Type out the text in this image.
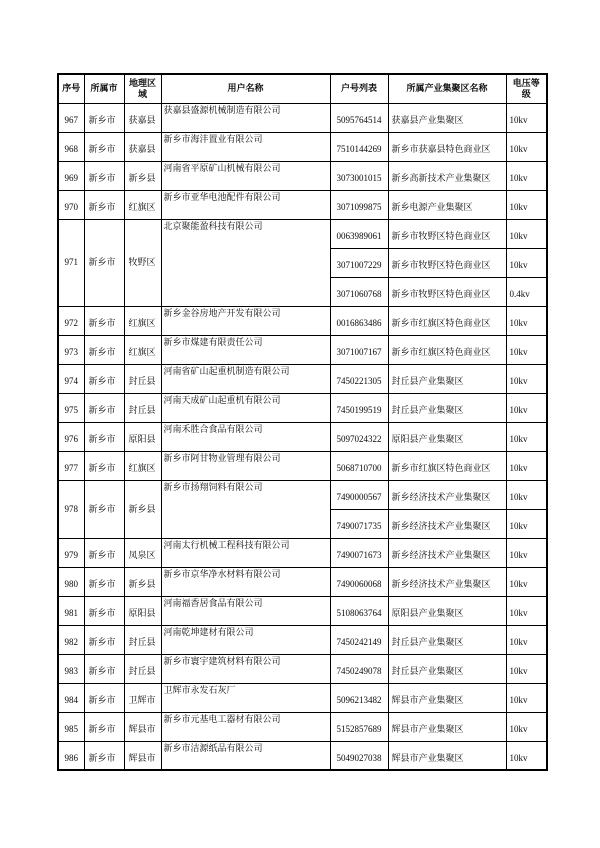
序号	所属市	地理区域	用户名称	户号列表	所属产业集聚区名称	电压等级
967	新乡市	获嘉县	获嘉县盛源机械制造有限公司	5095764514	获嘉县产业集聚区	10kv
968	新乡市	获嘉县	新乡市海沣置业有限公司	7510144269	新乡市获嘉县特色商业区	10kv
969	新乡市	新乡县	河南省平原矿山机械有限公司	3073001015	新乡高新技术产业集聚区	10kv
970	新乡市	红旗区	新乡市亚华电池配件有限公司	3071099875	新乡电源产业集聚区	10kv
971	新乡市	牧野区	北京聚能盈科技有限公司	0063989061	新乡市牧野区特色商业区	10kv
				3071007229	新乡市牧野区特色商业区	10kv
				3071060768	新乡市牧野区特色商业区	0.4kv
972	新乡市	红旗区	新乡金谷房地产开发有限公司	0016863486	新乡市红旗区特色商业区	10kv
973	新乡市	红旗区	新乡市煤建有限责任公司	3071007167	新乡市红旗区特色商业区	10kv
974	新乡市	封丘县	河南省矿山起重机制造有限公司	7450221305	封丘县产业集聚区	10kv
975	新乡市	封丘县	河南天成矿山起重机有限公司	7450199519	封丘县产业集聚区	10kv
976	新乡市	原阳县	河南禾胜合食品有限公司	5097024322	原阳县产业集聚区	10kv
977	新乡市	红旗区	新乡市阿甘物业管理有限公司	5068710700	新乡市红旗区特色商业区	10kv
978	新乡市	新乡县	新乡市扬翔饲料有限公司	7490000567	新乡经济技术产业集聚区	10kv
				7490071735	新乡经济技术产业集聚区	10kv
979	新乡市	凤泉区	河南太行机械工程科技有限公司	7490071673	新乡经济技术产业集聚区	10kv
980	新乡市	新乡县	新乡市京华净水材料有限公司	7490060068	新乡经济技术产业集聚区	10kv
981	新乡市	原阳县	河南福香居食品有限公司	5108063764	原阳县产业集聚区	10kv
982	新乡市	封丘县	河南乾坤建材有限公司	7450242149	封丘县产业集聚区	10kv
983	新乡市	封丘县	新乡市寰宇建筑材料有限公司	7450249078	封丘县产业集聚区	10kv
984	新乡市	卫辉市	卫辉市永发石灰厂	5096213482	辉县市产业集聚区	10kv
985	新乡市	辉县市	新乡市元基电工器材有限公司	5152857689	辉县市产业集聚区	10kv
986	新乡市	辉县市	新乡市洁源纸品有限公司	5049027038	辉县市产业集聚区	10kv
